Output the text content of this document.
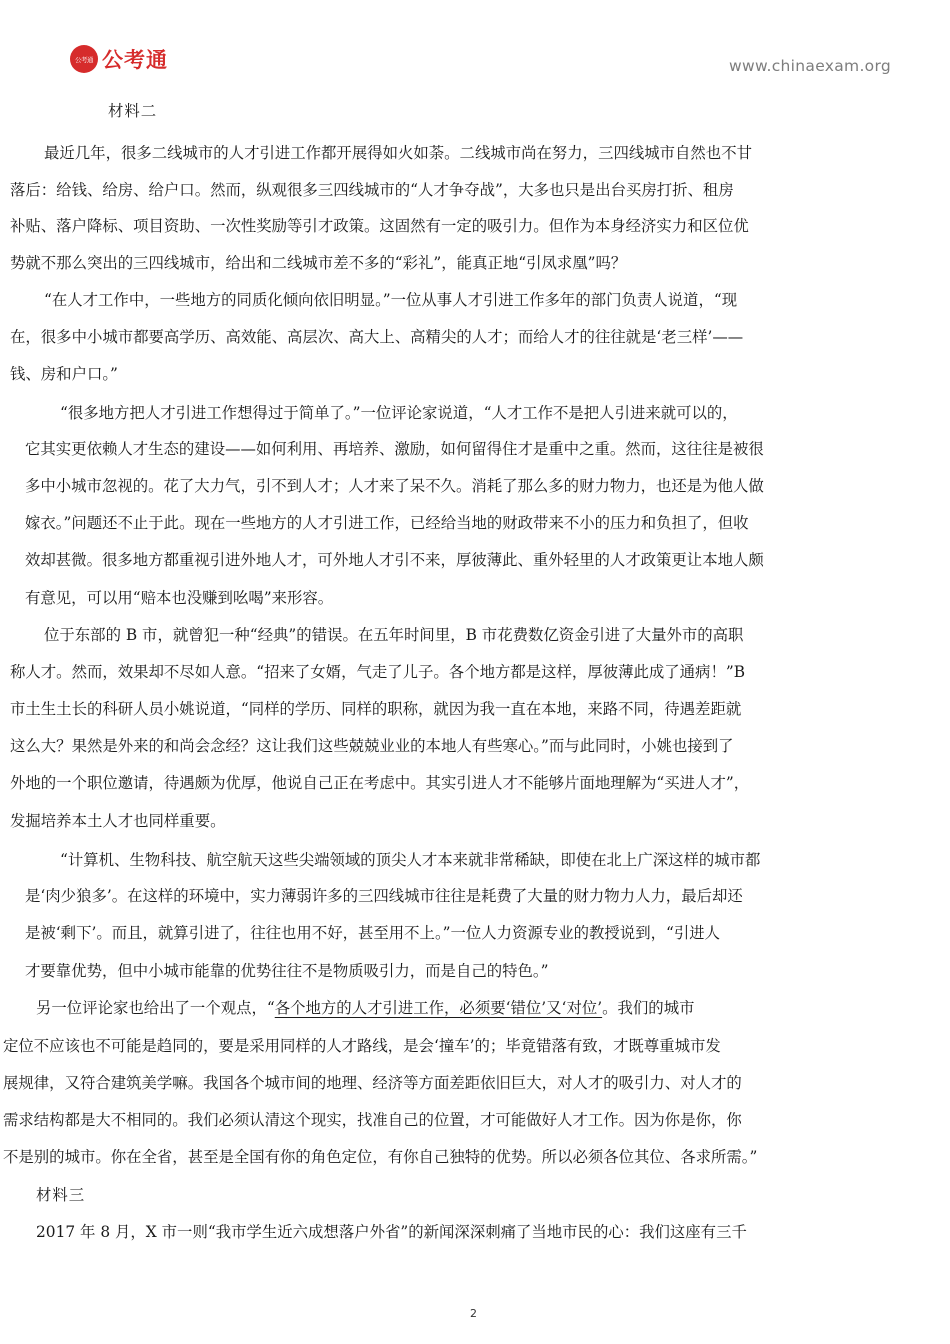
公考通 公考通	www.chinaexam.org
材料二
最近几年，很多二线城市的人才引进工作都开展得如火如荼。二线城市尚在努力，三四线城市自然也不甘
落后：给钱、给房、给户口。然而，纵观很多三四线城市的“人才争夺战”，大多也只是出台买房打折、租房
补贴、落户降标、项目资助、一次性奖励等引才政策。这固然有一定的吸引力。但作为本身经济实力和区位优
势就不那么突出的三四线城市，给出和二线城市差不多的“彩礼”，能真正地“引凤求凰”吗？
“在人才工作中，一些地方的同质化倾向依旧明显。”一位从事人才引进工作多年的部门负责人说道，“现
在，很多中小城市都要高学历、高效能、高层次、高大上、高精尖的人才；而给人才的往往就是‘老三样’——
钱、房和户口。”
“很多地方把人才引进工作想得过于简单了。”一位评论家说道，“人才工作不是把人引进来就可以的，
它其实更依赖人才生态的建设——如何利用、再培养、激励，如何留得住才是重中之重。然而，这往往是被很
多中小城市忽视的。花了大力气，引不到人才；人才来了呆不久。消耗了那么多的财力物力，也还是为他人做
嫁衣。”问题还不止于此。现在一些地方的人才引进工作，已经给当地的财政带来不小的压力和负担了，但收
效却甚微。很多地方都重视引进外地人才，可外地人才引不来，厚彼薄此、重外轻里的人才政策更让本地人颇
有意见，可以用“赔本也没赚到吆喝”来形容。
位于东部的 B 市，就曾犯一种“经典”的错误。在五年时间里，B 市花费数亿资金引进了大量外市的高职
称人才。然而，效果却不尽如人意。“招来了女婿，气走了儿子。各个地方都是这样，厚彼薄此成了通病！”B
市土生土长的科研人员小姚说道，“同样的学历、同样的职称，就因为我一直在本地，来路不同，待遇差距就
这么大？果然是外来的和尚会念经？这让我们这些兢兢业业的本地人有些寒心。”而与此同时，小姚也接到了
外地的一个职位邀请，待遇颇为优厚，他说自己正在考虑中。其实引进人才不能够片面地理解为“买进人才”，
发掘培养本土人才也同样重要。
“计算机、生物科技、航空航天这些尖端领域的顶尖人才本来就非常稀缺，即使在北上广深这样的城市都
是‘肉少狼多’。在这样的环境中，实力薄弱许多的三四线城市往往是耗费了大量的财力物力人力，最后却还
是被‘剩下’。而且，就算引进了，往往也用不好，甚至用不上。”一位人力资源专业的教授说到，“引进人
才要靠优势，但中小城市能靠的优势往往不是物质吸引力，而是自己的特色。”
另一位评论家也给出了一个观点，“各个地方的人才引进工作，必须要‘错位’又‘对位’。我们的城市
定位不应该也不可能是趋同的，要是采用同样的人才路线，是会‘撞车’的；毕竟错落有致，才既尊重城市发
展规律，又符合建筑美学嘛。我国各个城市间的地理、经济等方面差距依旧巨大，对人才的吸引力、对人才的
需求结构都是大不相同的。我们必须认清这个现实，找准自己的位置，才可能做好人才工作。因为你是你，你
不是别的城市。你在全省，甚至是全国有你的角色定位，有你自己独特的优势。所以必须各位其位、各求所需。”
材料三
2017 年 8 月，X 市一则“我市学生近六成想落户外省”的新闻深深刺痛了当地市民的心：我们这座有三千
2
